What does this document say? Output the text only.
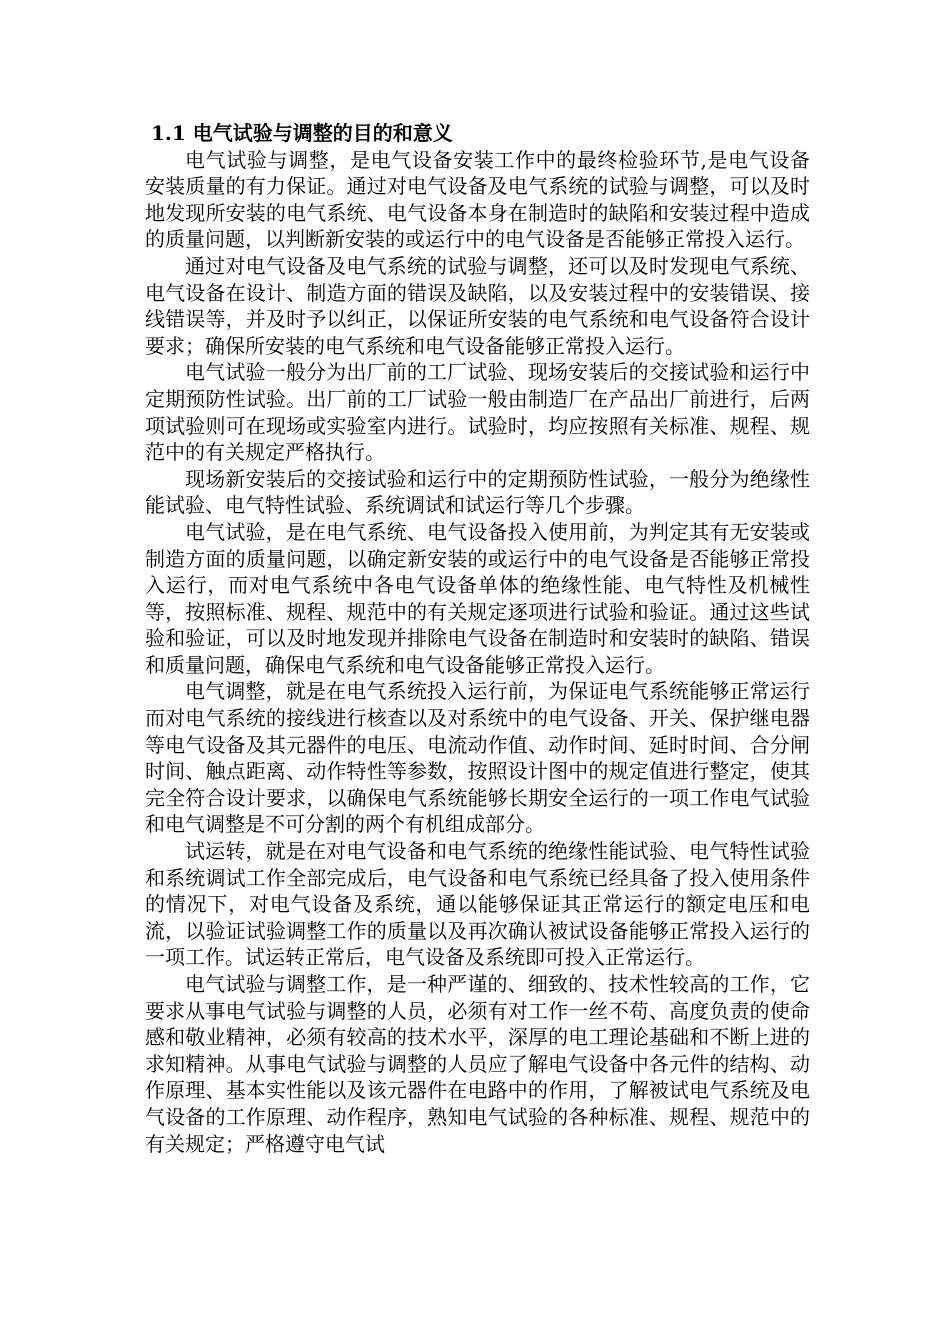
1.1 电气试验与调整的目的和意义

电气试验与调整，是电气设备安装工作中的最终检验环节,是电气设备安装质量的有力保证。通过对电气设备及电气系统的试验与调整，可以及时地发现所安装的电气系统、电气设备本身在制造时的缺陷和安装过程中造成的质量问题，以判断新安装的或运行中的电气设备是否能够正常投入运行。

通过对电气设备及电气系统的试验与调整，还可以及时发现电气系统、电气设备在设计、制造方面的错误及缺陷，以及安装过程中的安装错误、接线错误等，并及时予以纠正，以保证所安装的电气系统和电气设备符合设计要求；确保所安装的电气系统和电气设备能够正常投入运行。

电气试验一般分为出厂前的工厂试验、现场安装后的交接试验和运行中定期预防性试验。出厂前的工厂试验一般由制造厂在产品出厂前进行，后两项试验则可在现场或实验室内进行。试验时，均应按照有关标准、规程、规范中的有关规定严格执行。

现场新安装后的交接试验和运行中的定期预防性试验，一般分为绝缘性能试验、电气特性试验、系统调试和试运行等几个步骤。

电气试验，是在电气系统、电气设备投入使用前，为判定其有无安装或制造方面的质量问题，以确定新安装的或运行中的电气设备是否能够正常投入运行，而对电气系统中各电气设备单体的绝缘性能、电气特性及机械性等，按照标准、规程、规范中的有关规定逐项进行试验和验证。通过这些试验和验证，可以及时地发现并排除电气设备在制造时和安装时的缺陷、错误和质量问题，确保电气系统和电气设备能够正常投入运行。

电气调整，就是在电气系统投入运行前，为保证电气系统能够正常运行而对电气系统的接线进行核查以及对系统中的电气设备、开关、保护继电器等电气设备及其元器件的电压、电流动作值、动作时间、延时时间、合分闸时间、触点距离、动作特性等参数，按照设计图中的规定值进行整定，使其完全符合设计要求，以确保电气系统能够长期安全运行的一项工作电气试验和电气调整是不可分割的两个有机组成部分。

试运转，就是在对电气设备和电气系统的绝缘性能试验、电气特性试验和系统调试工作全部完成后，电气设备和电气系统已经具备了投入使用条件的情况下，对电气设备及系统，通以能够保证其正常运行的额定电压和电流，以验证试验调整工作的质量以及再次确认被试设备能够正常投入运行的一项工作。试运转正常后，电气设备及系统即可投入正常运行。

电气试验与调整工作，是一种严谨的、细致的、技术性较高的工作，它要求从事电气试验与调整的人员，必须有对工作一丝不苟、高度负责的使命感和敬业精神，必须有较高的技术水平，深厚的电工理论基础和不断上进的求知精神。从事电气试验与调整的人员应了解电气设备中各元件的结构、动作原理、基本实性能以及该元器件在电路中的作用，了解被试电气系统及电气设备的工作原理、动作程序，熟知电气试验的各种标准、规程、规范中的有关规定；严格遵守电气试
